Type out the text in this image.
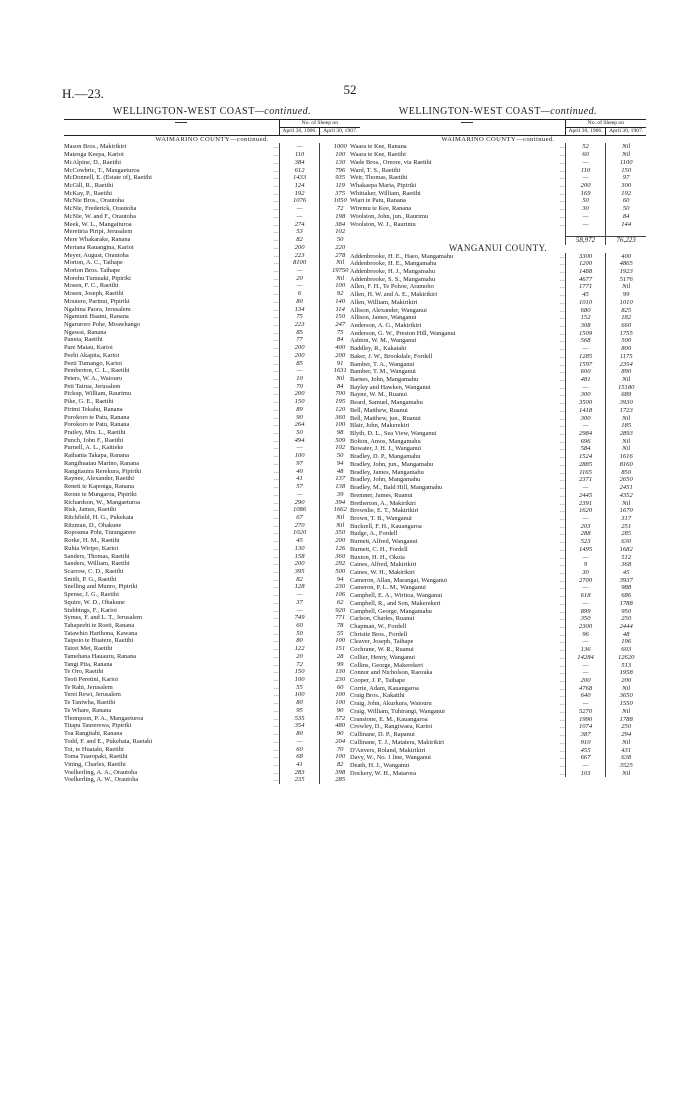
H.—23.	52
WELLINGTON-WEST COAST—continued.
	No. of Sheep on	
	April 30, 1906.	April 30, 1907.
WAIMARINO COUNTY—continued.		

Mason Bros., Makirikiri ...	—	1000

Matenga Keepa, Karioi ...	110	100

McAlpine, D., Raetihi ...	384	130

McCowbric, T., Mangaeturoa ...	612	796

McDonnell, E. (Estate of), Raetihi ...	1433	935

McGill, R., Raetihi ...	124	119

McKay, P., Raetihi ...	192	375

McNie Bros., Orautoha ...	1076	1050

McNie, Frederick, Orautoha ...	—	72

McNie, W. and F., Orautoha ...	—	198

Meek, W. L., Mangaituroa ...	274	384

Meretiria Piripi, Jerusalem ...	53	102

Mere Whakarake, Ranana ...	82	50

Meriana Rauangina, Karioi ...	200	220

Meyer, August, Orautoha ...	223	278

Morton, A. C., Taihape ...	8100	Nil

Morton Bros. Taihape ...	—	19750

Morehu Tumuaki, Pipiriki ...	20	Nil

Mosen, F. C., Raetihi ...	—	100

Mosen, Joseph, Raetihi ...	6	92

Moutere, Parinui, Pipiriki ...	80	140

Ngahina Paora, Jerusalem ...	134	114

Ngamuni Haami, Ranana ...	75	150

Ngaruroro Pohe, Moawhango ...	223	247

Ngawai, Ranana ...	85	75

Paneta, Raetihi ...	77	84

Pare Matau, Karioi ...	200	400

Peehi Akapita, Karioi ...	200	200

Peeti Tumango, Karioi ...	85	91

Pemberton, C. L., Raetihi ...	—	1631

Peters, W. A., Waiouru ...	10	Nil

Peti Tairua, Jerusalem ...	70	84

Pickup, William, Raurimu ...	200	700

Pike, G. E., Raetihi ...	150	195

Pirimi Tekahu, Ranana ...	89	120

Porokoro te Patu, Ranana ...	90	360

Porokoro te Patu, Ranana ...	264	100

Pratley, Mrs. L., Raetihi ...	50	98

Punch, John F., Raetihi ...	494	509

Purnell, A. L., Kaitieke ...	—	102

Raihania Takapa, Ranana ...	100	50

Rangihuatau Marino, Ranana ...	97	94

Rangitauira Rerekura, Pipiriki ...	40	48

Raynee, Alexander, Raetihi ...	41	137

Reneti te Kaponga, Ranana ...	57	138

Reone te Mungaroa, Pipiriki ...	—	39

Richardson, W., Mangaeturoa ...	290	394

Risk, James, Raetihi ...	1086	1662

Ritchfield, H. G., Pukekata ...	67	Nil

Ritzman, D., Ohakune ...	270	Nil

Ropoama Pohi, Turangarere ...	1020	350

Rorke, H. M., Raetihi ...	45	200

Ruhia Wiripo, Karioi ...	130	126

Sanders, Thomas, Raetihi ...	158	360

Sanders, William, Raetihi ...	200	292

Scarrow, C. D., Raetihi ...	395	500

Smith, P. G., Raetihi ...	82	94

Snelling and Munro, Pipiriki ...	128	230

Spense, J. G., Raetihi ...	—	106

Squire, W. D., Ohakune ...	37	62

Stubbings, F., Karioi ...	—	920

Symes, F. and L. T., Jerusalem ...	749	771

Tahapeehi te Roeti, Ranana ...	60	78

Taiawhio Harihona, Kawana ...	50	55

Taipoto te Huatere, Raetihi ...	80	100

Tairei Mei, Raetihi ...	122	151

Tamehana Hauauru, Ranana ...	20	28

Tangi Pita, Ranana ...	72	99

Te Oro, Raetihi ...	150	130

Teoti Peretini, Karioi ...	100	230

Te Rahi, Jerusalem ...	55	60

Terei Rewi, Jerusalem ...	100	100

Te Taniwha, Raetihi ...	80	100

Te Whare, Ranana ...	95	90

Thompson, P. A., Mangaeturoa ...	535	572

Titapu Taurerewa, Pipiriki ...	354	480

Toa Rangitahi, Ranana ...	80	90

Todd, F. and E., Pukehata, Raetahi ...	—	204

Toi, te Huatahi, Raetihi ...	60	70

Toma Tuaropaki, Raetihi ...	68	100

Vining, Charles, Raetihi ...	41	82

Voelkerling, A. A., Orautoha ...	283	398

Voelkerling, A. W., Orautoha ...	235	285
WELLINGTON-WEST COAST—continued.
	No. of Sheep on	
	April 30, 1906.	April 30, 1907.
WAIMARINO COUNTY—continued.		

Waara te Kee, Ranana ...	52	Nil

Waara te Kee, Raetihi ...	60	Nil

Wade Bros., Oreore, via Raetihi ...	—	1100

Ward, T. S., Raetihi ...	110	150

Weir, Thomas, Raetihi ...	—	97

Whakaepa Maria, Pipiriki ...	200	300

Whittaker, William, Raetihi ...	169	192

Wiari te Patu, Ranana ...	50	60

Wiremu te Kee, Ranana ...	30	50

Woolston, John, jun., Raurimu ...	—	84

Woolston, W. J., Raurimu ...	—	144

	58,972	76,223
WANGANUI COUNTY.		

Addenbrooke, H. E., Haeo, Mangamahu ...	3300	400

Addenbrooke, H. E., Mangamahu ...	1200	4865

Addenbrooke, H. J., Mangamahu ...	1488	1923

Addenbrooke, S. S., Mangamahu ...	4677	5176

Allen, F. H., Te Pohoe, Aramoho ...	1771	Nil

Allen, H. W. and A. E., Makirikiri ...	45	99

Allen, William, Makirikiri ...	1010	1010

Allison, Alexander, Wanganui ...	680	825

Allison, James, Wanganui ...	152	182

Anderson, A. G., Makirikiri ...	308	660

Anderson, G. W., Preston Hill, Wanganui ...	1509	1755

Ashton, W. M., Wanganui ...	568	500

Baddley, R., Kakatahi ...	—	800

Baker, J. W., Brookdale, Fordell ...	1285	1175

Bamber, T. A., Wanganui ...	1597	2354

Bamber, T. M., Wanganui ...	600	890

Barnes, John, Mangamahu ...	481	Nil

Bayley and Hawken, Wanganui ...	—	15180

Bayne, W. M., Ruanui ...	300	689

Beard, Samuel, Mangamahu ...	3500	3930

Bell, Matthew, Ruanui ...	1418	1723

Bell, Matthew, jun., Ruanui ...	300	Nil

Blair, John, Makerekiri ...	—	185

Blyth, D. L., Sea View, Wanganui ...	2984	2893

Bolton, Amos, Mangamahu ...	696	Nil

Bowater, J. H. J., Wanganui ...	584	Nil

Bradley, D. P., Mangamahu ...	1524	1616

Bradley, John, jun., Mangamahu ...	2885	8160

Bradley, James, Mangamahu ...	1165	850

Bradley, John, Mangamahu ...	2371	2650

Bradley, M., Bald Hill, Mangamahu ...	—	2451

Bremner, James, Ruanui ...	2445	4352

Bretherton, A., Makirikiri ...	2391	Nil

Brownlie, E. T., Makirikiri ...	1620	1670

Brown, T. B., Wanganui ...	—	317

Buckrell, F. H., Kauangaroa ...	203	251

Budge, A., Fordell ...	288	285

Burnett, Alfred, Wanganui ...	523	630

Burnett, C. H., Fordell ...	1495	1682

Buxton, H. H., Okoia ...	—	512

Caines, Alfred, Makirikiri ...	9	368

Caines, W. H., Makirikiri ...	30	45

Cameron, Allan, Marangai, Wanganui ...	2700	3937

Cameron, P. L. M., Wanganui ...	—	988

Campbell, E. A., Wiritoa, Wanganui ...	618	686

Campbell, R., and Son, Makerekeri ...	—	1788

Campbell, George, Mangamahu ...	899	950

Carlson, Charles, Ruanui ...	350	250

Chapman, W., Fordell ...	2300	2444

Christie Bros., Fordell ...	96	48

Cleaver, Joseph, Taihape ...	—	196

Cochrane, W. R., Ruanui ...	136	603

Collier, Henry, Wanganui ...	14284	12620

Collins, George, Makerekeri ...	—	513

Connor and Nicholson, Raoraka ...	—	1958

Cooper, J. P., Taihape ...	200	200

Corrie, Adam, Kauangaroa ...	4768	Nil

Craig Bros., Kakatihi ...	640	3650

Craig, John, Akurkura, Waiouru ...	—	1550

Craig, William, Tuhirangi, Wanganui ...	5270	Nil

Cranstone, E. M., Kauangaroa ...	1990	1788

Crowley, D., Rangiwaea, Karioi ...	1074	250

Cullinane, D. P., Rapanui ...	387	294

Cullinane, T. J., Matatera, Makirikiri ...	910	Nil

D'Anvers, Roland, Makirikiri ...	455	431

Davy, W., No. 1 line, Wanganui ...	667	638

Death, H. J., Wanganui ...	—	3525

Dockery, W. H., Matarora ...	103	Nil
